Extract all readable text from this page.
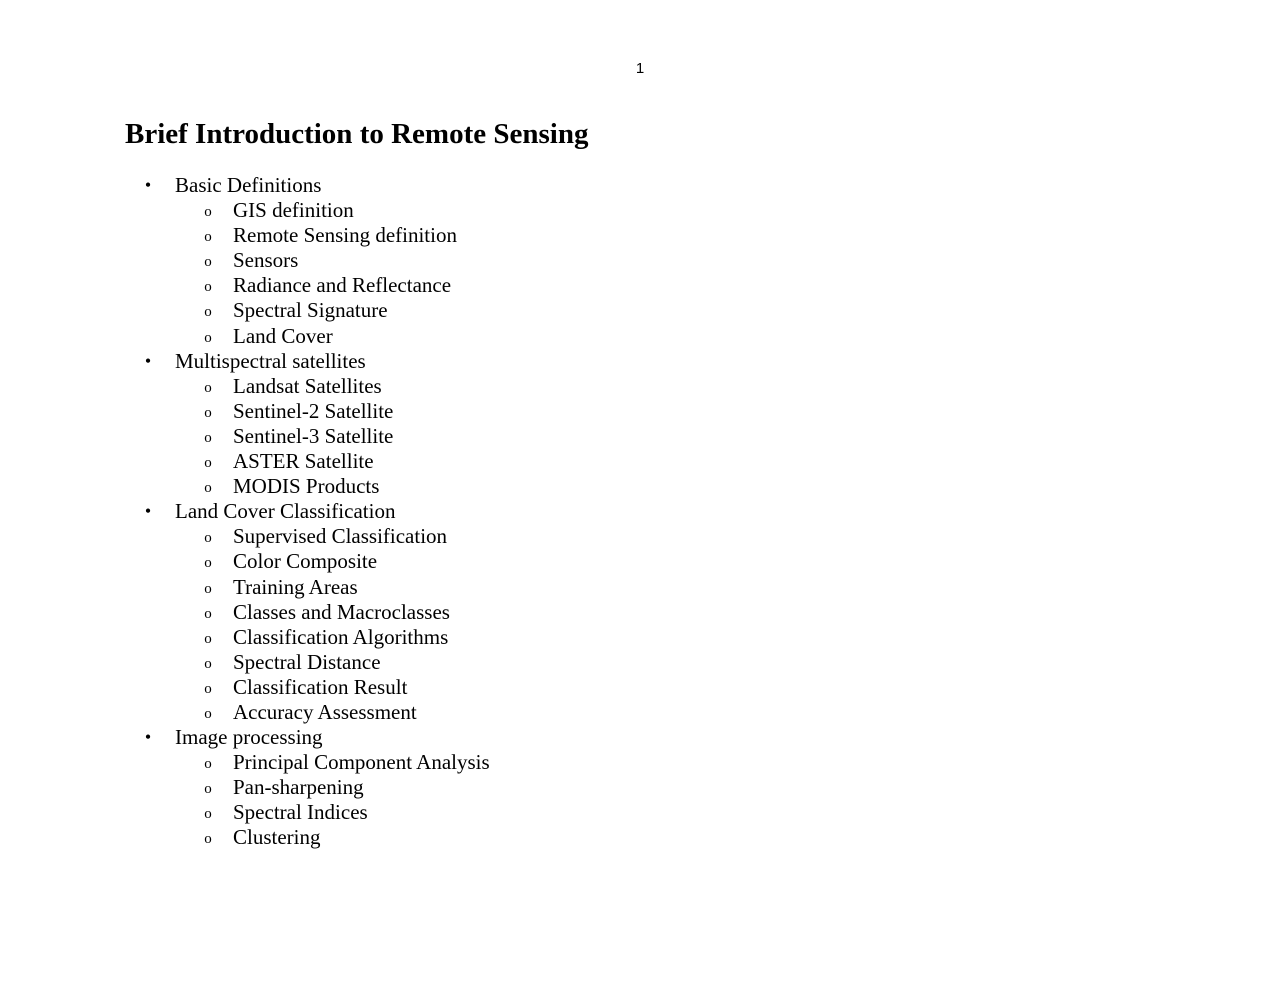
1
Brief Introduction to Remote Sensing
•	Basic Definitions
o GIS definition
o Remote Sensing definition
o Sensors
o Radiance and Reflectance
o Spectral Signature
o Land Cover
•	Multispectral satellites
o Landsat Satellites
o Sentinel-2 Satellite
o Sentinel-3 Satellite
o ASTER Satellite
o MODIS Products
•	Land Cover Classification
o Supervised Classification
o Color Composite
o Training Areas
o Classes and Macroclasses
o Classification Algorithms
o Spectral Distance
o Classification Result
o Accuracy Assessment
•	Image processing
o Principal Component Analysis
o Pan-sharpening
o Spectral Indices
o Clustering
